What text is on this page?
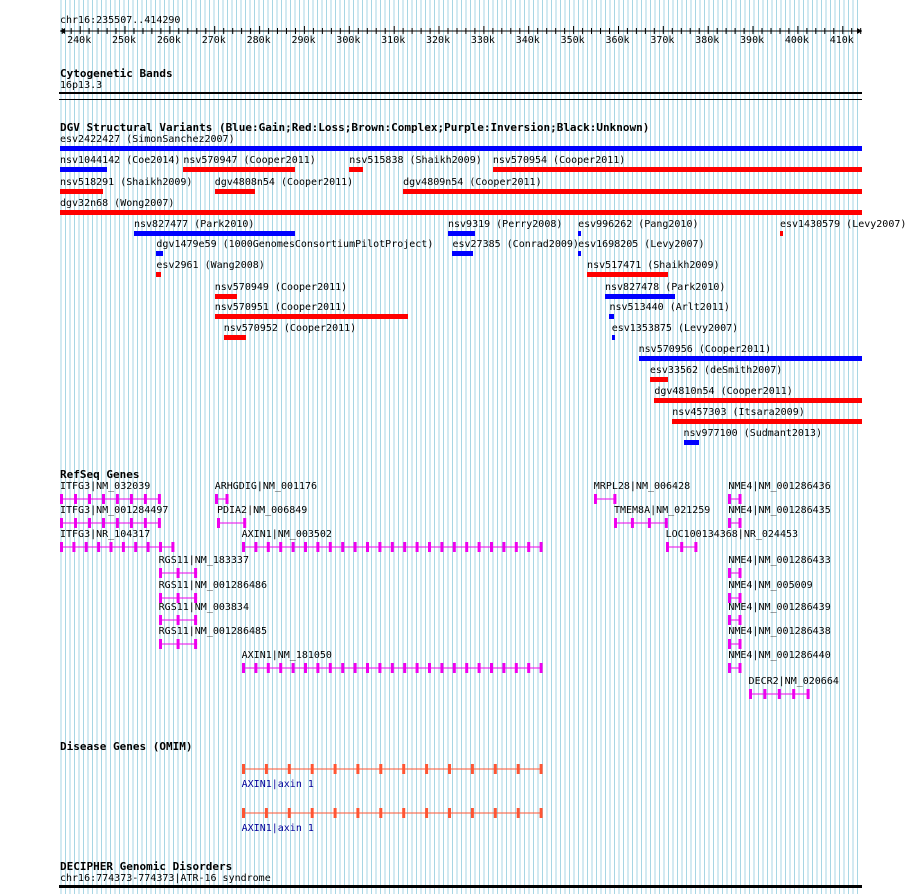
chr16:235507..414290
Cytogenetic Bands
16p13.3
DGV Structural Variants (Blue:Gain;Red:Loss;Brown:Complex;Purple:Inversion;Black:Unknown)
RefSeq Genes
Disease Genes (OMIM)
DECIPHER Genomic Disorders
chr16:774373-774373|ATR-16 syndrome
240k 250k 260k 270k 280k 290k 300k 310k 320k 330k 340k 350k 360k 370k 380k 390k 400k 410k
esv2422427 (SimonSanchez2007)
nsv1044142 (Coe2014) nsv570947 (Cooper2011)	nsv515838 (Shaikh2009) nsv570954 (Cooper2011)
nsv518291 (Shaikh2009) dgv4808n54 (Cooper2011)	dgv4809n54 (Cooper2011)
dgv32n68 (Wong2007)
nsv827477 (Park2010)	nsv9319 (Perry2008) esv996262 (Pang2010)	esv1430579 (Levy2007)
dgv1479e59 (1000GenomesConsortiumPilotProject) esv27385 (Conrad2009) esv1698205 (Levy2007)
esv2961 (Wang2008)	nsv517471 (Shaikh2009)
nsv570949 (Cooper2011)	nsv827478 (Park2010)
nsv570951 (Cooper2011)	nsv513440 (Arlt2011)
nsv570952 (Cooper2011)	esv1353875 (Levy2007)
nsv570956 (Cooper2011)
esv33562 (deSmith2007)
dgv4810n54 (Cooper2011)
nsv457303 (Itsara2009)
nsv977100 (Sudmant2013)
ITFG3|NM_032039
ITFG3|NM_001284497
ITFG3|NR_104317
ARHGDIG|NM_001176
PDIA2|NM_006849
AXIN1|NM_003502
RGS11|NM_183337
RGS11|NM_001286486
RGS11|NM_003834
RGS11|NM_001286485
AXIN1|NM_181050
MRPL28|NM_006428
TMEM8A|NM_021259
LOC100134368|NR_024453
NME4|NM_001286436
NME4|NM_001286435
NME4|NM_001286433
NME4|NM_005009
NME4|NM_001286439
NME4|NM_001286438
NME4|NM_001286440
DECR2|NM_020664
AXIN1|axin 1
AXIN1|axin 1
